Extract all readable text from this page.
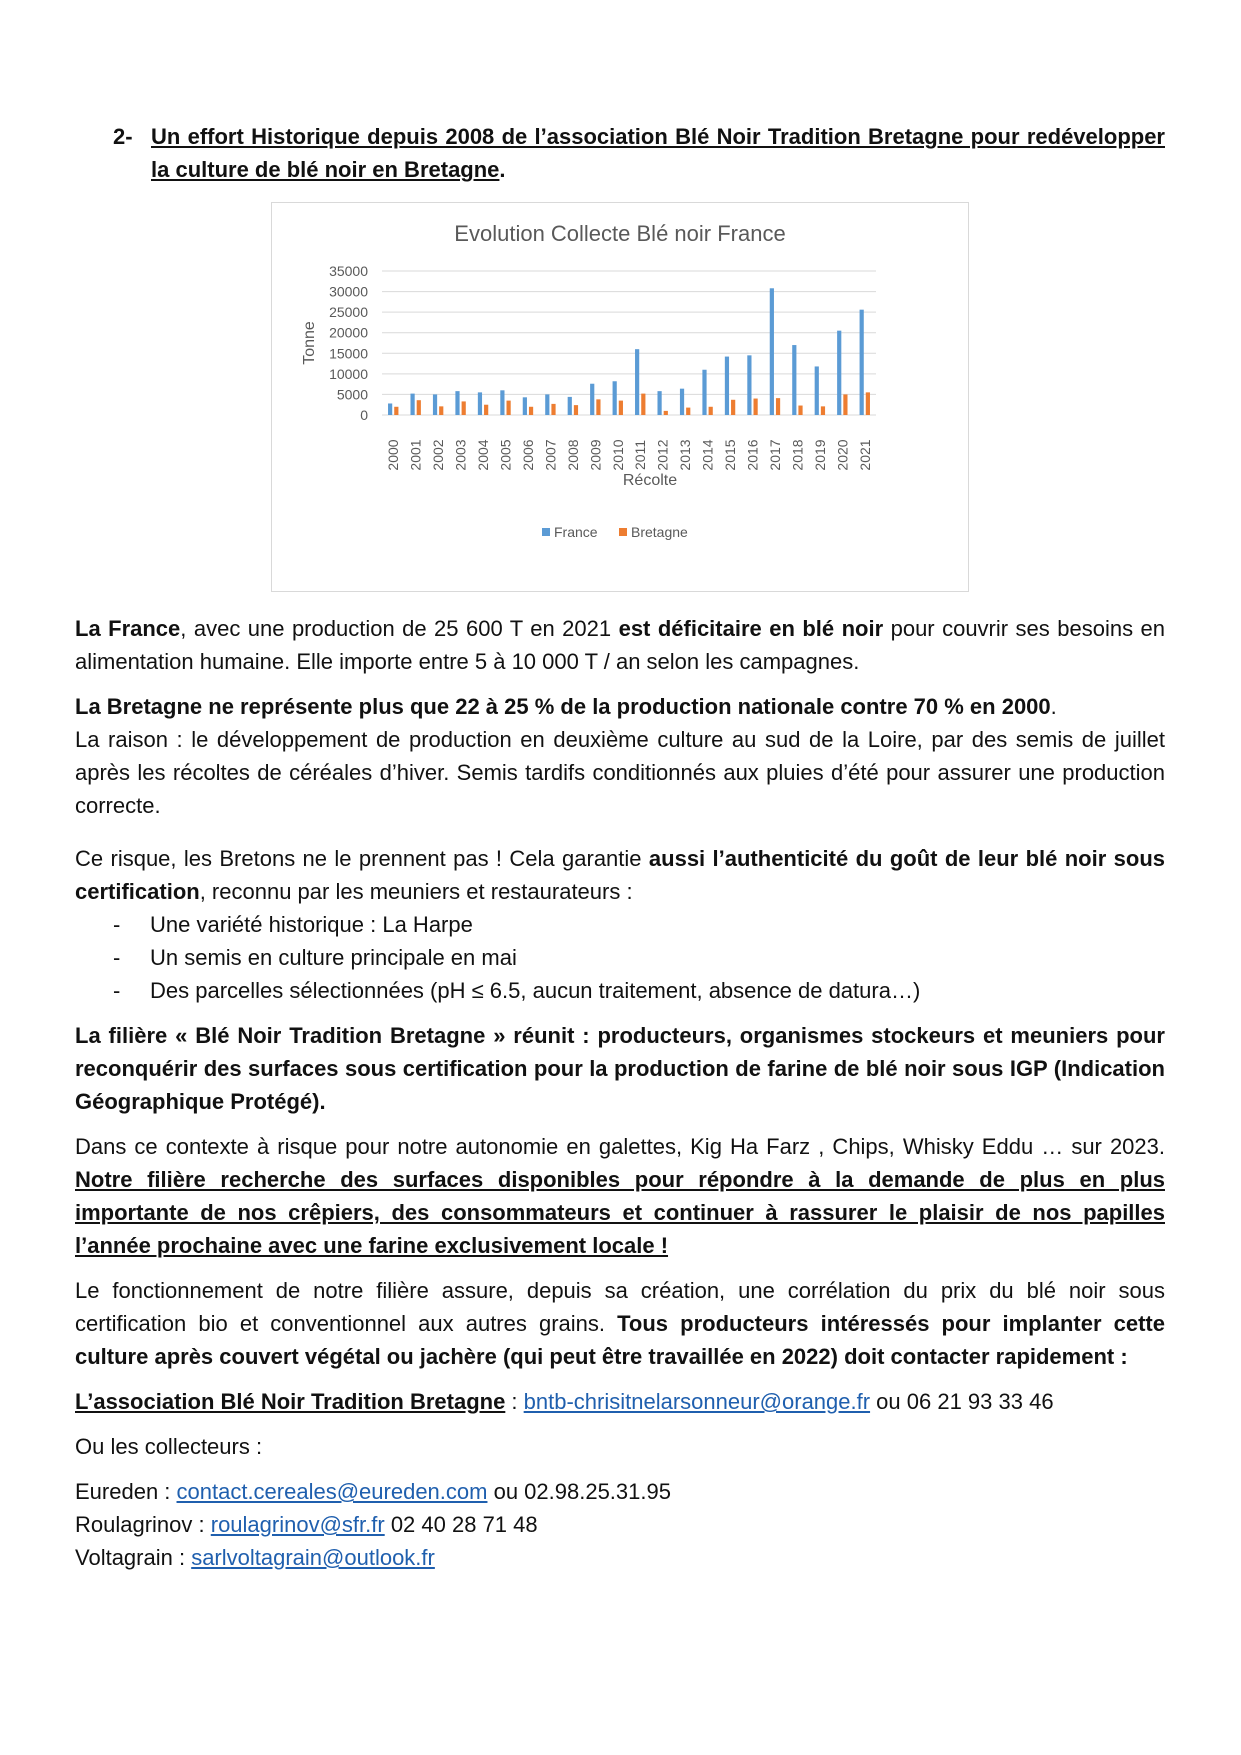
2- Un effort Historique depuis 2008 de l’association Blé Noir Tradition Bretagne pour redévelopper la culture de blé noir en Bretagne.

Evolution Collecte Blé noir France
Tonne
Récolte
0
5000
10000
15000
20000
25000
30000
35000
2000 2001 2002 2003 2004 2005 2006 2007 2008 2009 2010 2011 2012 2013 2014 2015 2016 2017 2018 2019 2020 2021
France Bretagne

La France, avec une production de 25 600 T en 2021 est déficitaire en blé noir pour couvrir ses besoins en alimentation humaine. Elle importe entre 5 à 10 000 T / an selon les campagnes.

La Bretagne ne représente plus que 22 à 25 % de la production nationale contre 70 % en 2000.
La raison : le développement de production en deuxième culture au sud de la Loire, par des semis de juillet après les récoltes de céréales d’hiver. Semis tardifs conditionnés aux pluies d’été pour assurer une production correcte.

Ce risque, les Bretons ne le prennent pas ! Cela garantie aussi l’authenticité du goût de leur blé noir sous certification, reconnu par les meuniers et restaurateurs :

- Une variété historique : La Harpe
- Un semis en culture principale en mai
- Des parcelles sélectionnées (pH ≤ 6.5, aucun traitement, absence de datura…)

La filière « Blé Noir Tradition Bretagne » réunit : producteurs, organismes stockeurs et meuniers pour reconquérir des surfaces sous certification pour la production de farine de blé noir sous IGP (Indication Géographique Protégé).

Dans ce contexte à risque pour notre autonomie en galettes, Kig Ha Farz , Chips, Whisky Eddu … sur 2023. Notre filière recherche des surfaces disponibles pour répondre à la demande de plus en plus importante de nos crêpiers, des consommateurs et continuer à rassurer le plaisir de nos papilles l’année prochaine avec une farine exclusivement locale !

Le fonctionnement de notre filière assure, depuis sa création, une corrélation du prix du blé noir sous certification bio et conventionnel aux autres grains. Tous producteurs intéressés pour implanter cette culture après couvert végétal ou jachère (qui peut être travaillée en 2022) doit contacter rapidement :

L’association Blé Noir Tradition Bretagne : bntb-chrisitnelarsonneur@orange.fr ou 06 21 93 33 46

Ou les collecteurs :

Eureden : contact.cereales@eureden.com ou 02.98.25.31.95

Roulagrinov : roulagrinov@sfr.fr 02 40 28 71 48

Voltagrain : sarlvoltagrain@outlook.fr
